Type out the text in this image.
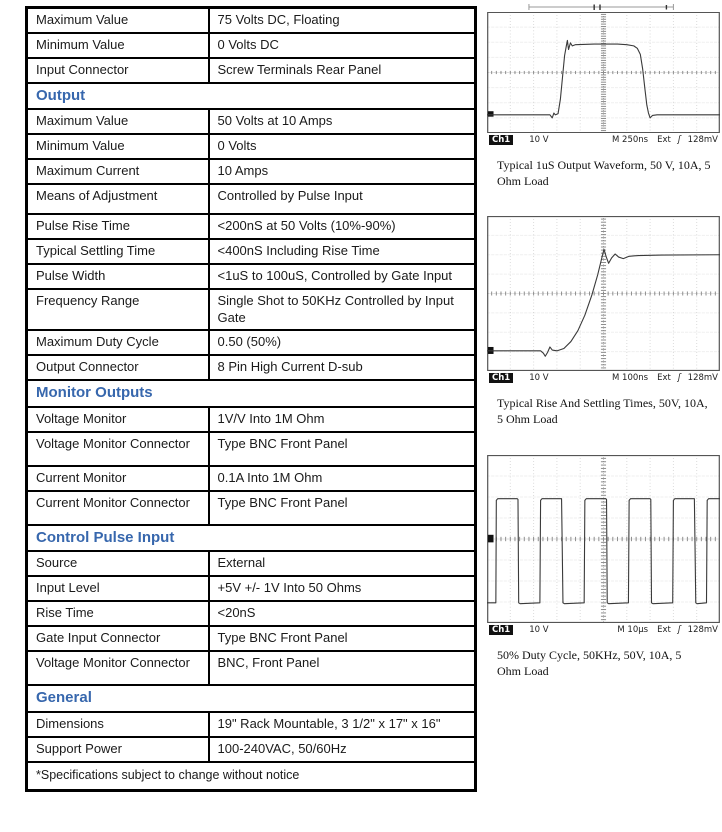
Maximum Value	75 Volts DC, Floating
Minimum Value	0 Volts DC
Input Connector	Screw Terminals Rear Panel
Output	
Maximum Value	50 Volts at 10 Amps
Minimum Value	0 Volts
Maximum Current	10 Amps
Means of Adjustment	Controlled by Pulse Input
Pulse Rise Time	<200nS at 50 Volts (10%-90%)
Typical Settling Time	<400nS Including Rise Time
Pulse Width	<1uS to 100uS, Controlled by Gate Input
Frequency Range	Single Shot to 50KHz Controlled by Input Gate
Maximum Duty Cycle	0.50 (50%)
Output Connector	8 Pin High Current D-sub
Monitor Outputs	
Voltage Monitor	1V/V Into 1M Ohm
Voltage Monitor Connector	Type BNC Front Panel
Current Monitor	0.1A Into 1M Ohm
Current Monitor Connector	Type BNC Front Panel
Control Pulse Input	
Source	External
Input Level	+5V +/- 1V Into 50 Ohms
Rise Time	<20nS
Gate Input Connector	Type BNC Front Panel
Voltage Monitor Connector	BNC, Front Panel
General	
Dimensions	19" Rack Mountable, 3 1/2" x 17" x 16"
Support Power	100-240VAC, 50/60Hz
*Specifications subject to change without notice	
Ch1	10 V	M 250ns Ext ʃ 128mV
Typical 1uS Output Waveform, 50 V, 10A, 5 Ohm Load
Ch1	10 V	M 100ns Ext ʃ 128mV
Typical Rise And Settling Times, 50V, 10A, 5 Ohm Load
Ch1	10 V	M 10µs Ext ʃ 128mV
50% Duty Cycle, 50KHz, 50V, 10A, 5 Ohm Load
